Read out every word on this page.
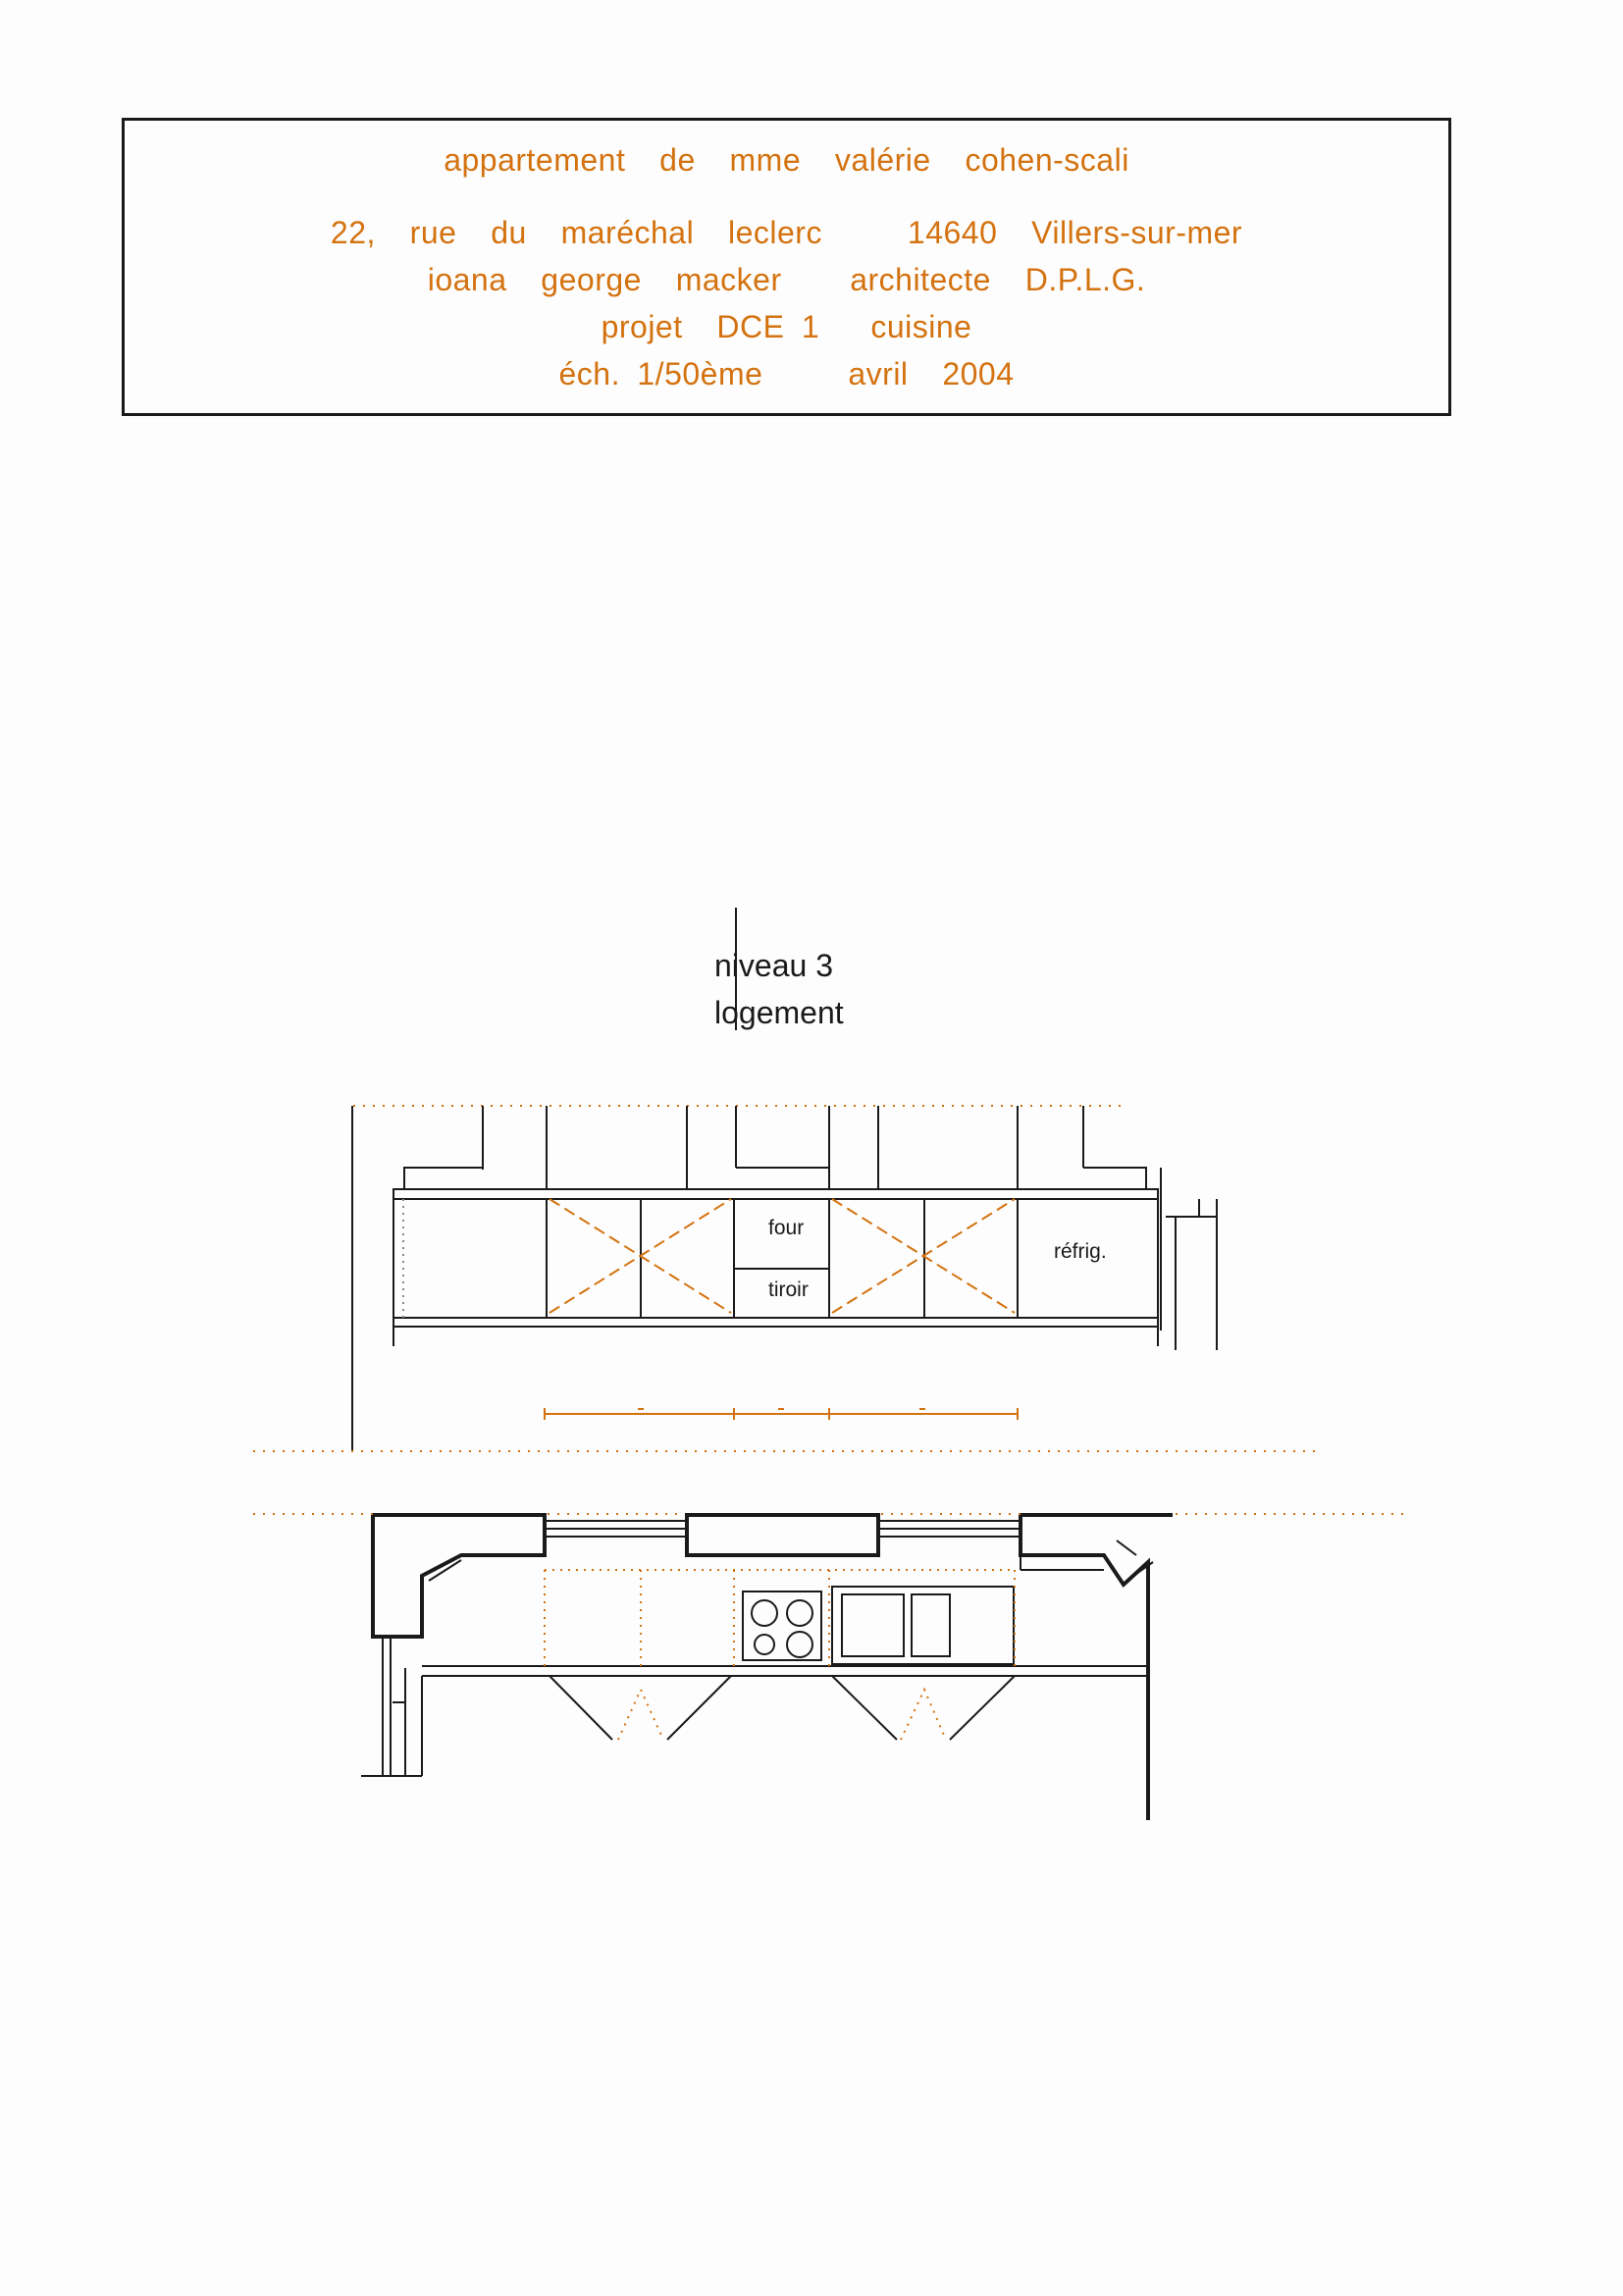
appartement  de  mme  valérie  cohen-scali
22,  rue  du  maréchal  leclerc     14640  Villers-sur-mer
ioana  george  macker    architecte  D.P.L.G.
projet  DCE 1   cuisine
éch. 1/50ème     avril  2004
niveau 3
logement
four
tiroir
réfrig.
